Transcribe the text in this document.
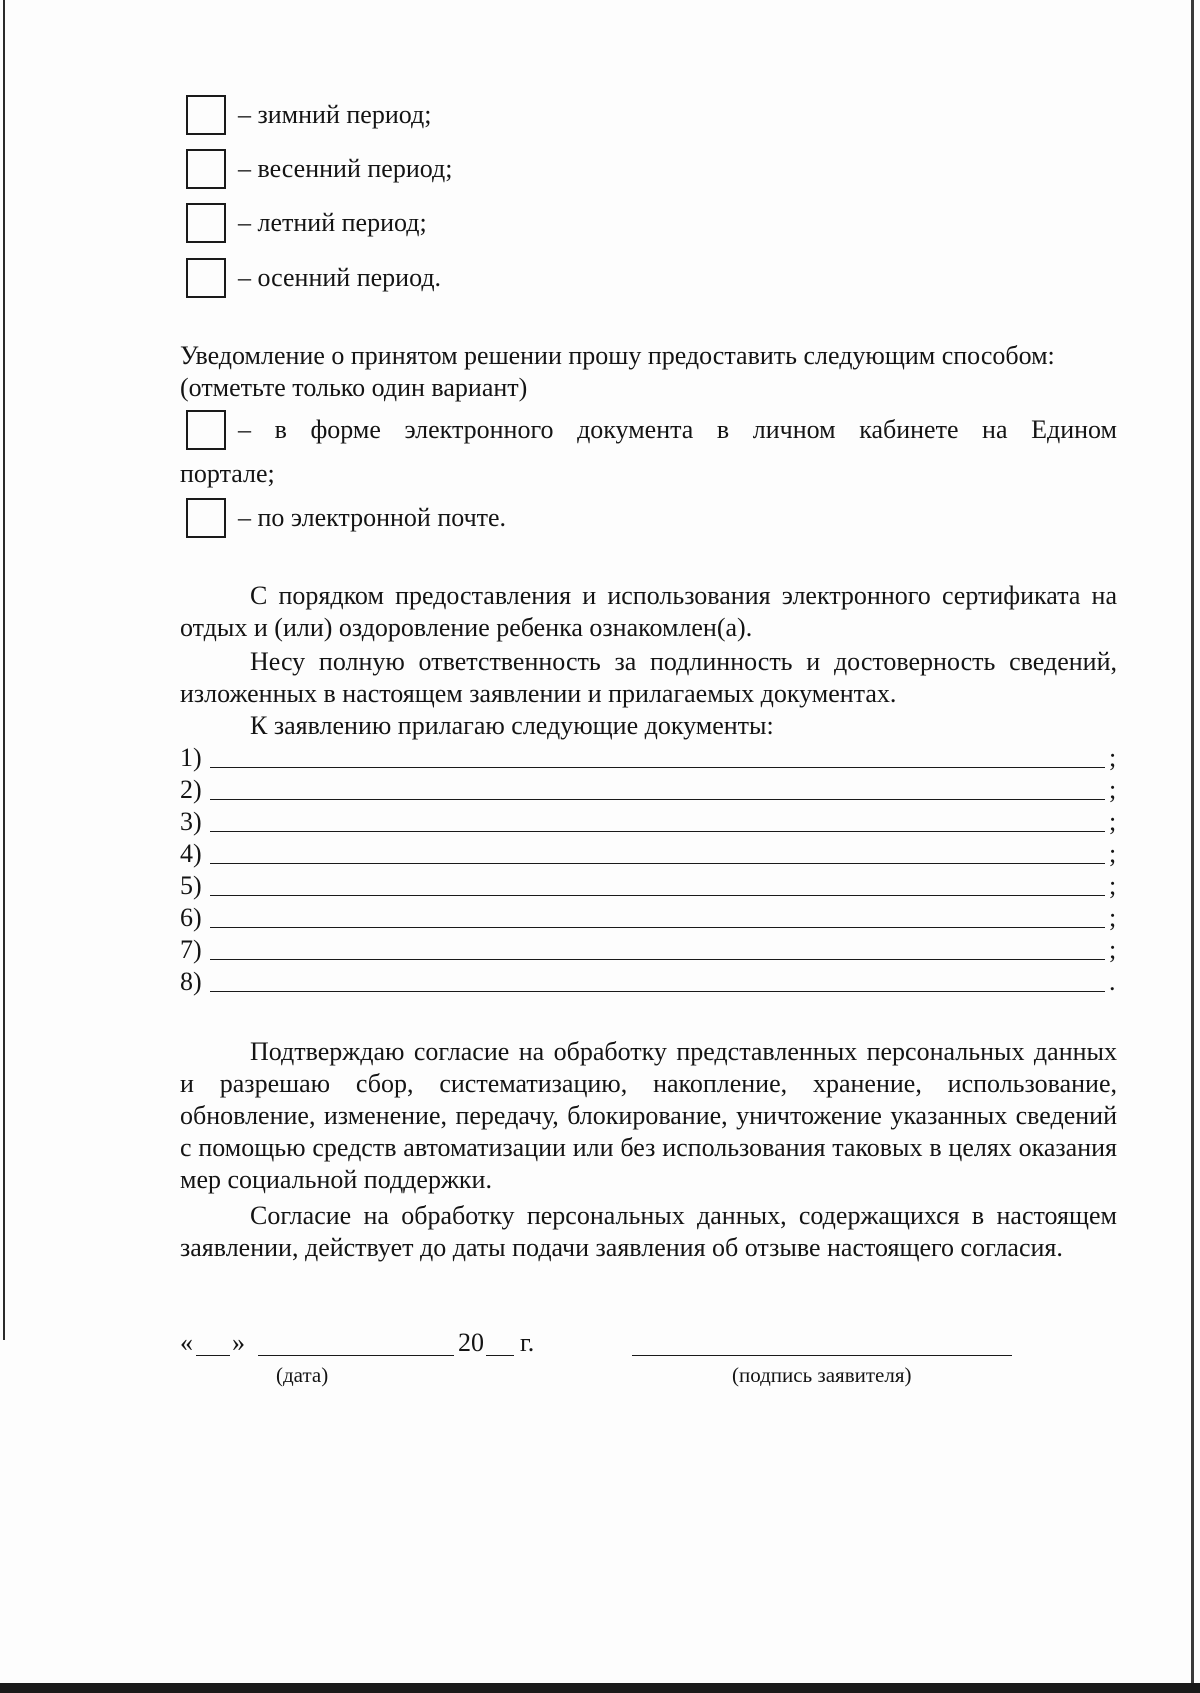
– зимний период;
– весенний период;
– летний период;
– осенний период.
Уведомление о принятом решении прошу предоставить следующим способом:
(отметьте только один вариант)
– в форме электронного документа в личном кабинете на Едином
портале;
– по электронной почте.
С порядком предоставления и использования электронного сертификата на отдых и (или) оздоровление ребенка ознакомлен(а).
Несу полную ответственность за подлинность и достоверность сведений, изложенных в настоящем заявлении и прилагаемых документах.
К заявлению прилагаю следующие документы:
1)	;
2)	;
3)	;
4)	;
5)	;
6)	;
7)	;
8)	.
Подтверждаю согласие на обработку представленных персональных данных и разрешаю сбор, систематизацию, накопление, хранение, использование, обновление, изменение, передачу, блокирование, уничтожение указанных сведений с помощью средств автоматизации или без использования таковых в целях оказания мер социальной поддержки.
Согласие на обработку персональных данных, содержащихся в настоящем заявлении, действует до даты подачи заявления об отзыве настоящего согласия.
« »	20 г.
(дата)	(подпись заявителя)
